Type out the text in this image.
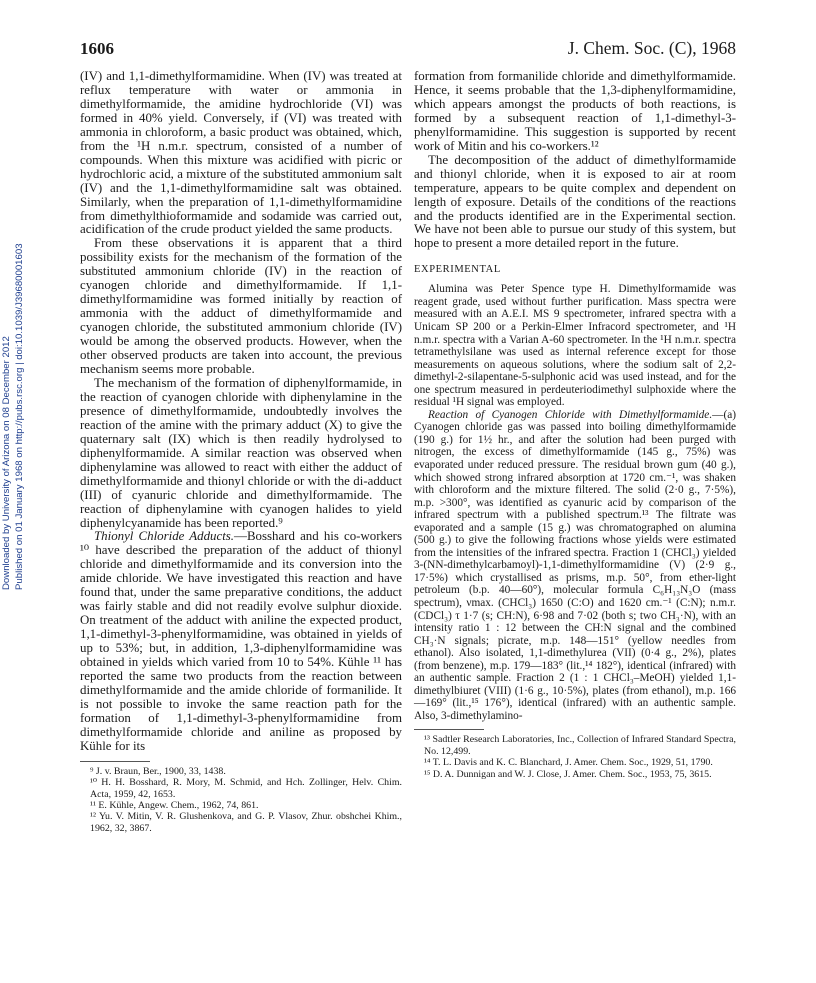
Downloaded by University of Arizona on 08 December 2012 Published on 01 January 1968 on http://pubs.rsc.org | doi:10.1039/J39680001603
1606	J. Chem. Soc. (C), 1968

(IV) and 1,1-dimethylformamidine. When (IV) was treated at reflux temperature with water or ammonia in dimethylformamide, the amidine hydrochloride (VI) was formed in 40% yield. Conversely, if (VI) was treated with ammonia in chloroform, a basic product was obtained, which, from the ¹H n.m.r. spectrum, consisted of a number of compounds. When this mixture was acidified with picric or hydrochloric acid, a mixture of the substituted ammonium salt (IV) and the 1,1-dimethylformamidine salt was obtained. Similarly, when the preparation of 1,1-dimethylformamidine from dimethylthioformamide and sodamide was carried out, acidification of the crude product yielded the same products.

From these observations it is apparent that a third possibility exists for the mechanism of the formation of the substituted ammonium chloride (IV) in the reaction of cyanogen chloride and dimethylformamide. If 1,1-dimethylformamidine was formed initially by reaction of ammonia with the adduct of dimethylformamide and cyanogen chloride, the substituted ammonium chloride (IV) would be among the observed products. However, when the other observed products are taken into account, the previous mechanism seems more probable.

The mechanism of the formation of diphenylformamide, in the reaction of cyanogen chloride with diphenylamine in the presence of dimethylformamide, undoubtedly involves the reaction of the amine with the primary adduct (X) to give the quaternary salt (IX) which is then readily hydrolysed to diphenylformamide. A similar reaction was observed when diphenylamine was allowed to react with either the adduct of dimethylformamide and thionyl chloride or with the di-adduct (III) of cyanuric chloride and dimethylformamide. The reaction of diphenylamine with cyanogen halides to yield diphenylcyanamide has been reported.⁹

Thionyl Chloride Adducts.—Bosshard and his co-workers ¹⁰ have described the preparation of the adduct of thionyl chloride and dimethylformamide and its conversion into the amide chloride. We have investigated this reaction and have found that, under the same preparative conditions, the adduct was fairly stable and did not readily evolve sulphur dioxide. On treatment of the adduct with aniline the expected product, 1,1-dimethyl-3-phenylformamidine, was obtained in yields of up to 53%; but, in addition, 1,3-diphenylformamidine was obtained in yields which varied from 10 to 54%. Kühle ¹¹ has reported the same two products from the reaction between dimethylformamide and the amide chloride of formanilide. It is not possible to invoke the same reaction path for the formation of 1,1-dimethyl-3-phenylformamidine from dimethylformamide chloride and aniline as proposed by Kühle for its

⁹ J. v. Braun, Ber., 1900, 33, 1438.

¹⁰ H. H. Bosshard, R. Mory, M. Schmid, and Hch. Zollinger, Helv. Chim. Acta, 1959, 42, 1653.

¹¹ E. Kühle, Angew. Chem., 1962, 74, 861.

¹² Yu. V. Mitin, V. R. Glushenkova, and G. P. Vlasov, Zhur. obshchei Khim., 1962, 32, 3867.

formation from formanilide chloride and dimethylformamide. Hence, it seems probable that the 1,3-diphenylformamidine, which appears amongst the products of both reactions, is formed by a subsequent reaction of 1,1-dimethyl-3-phenylformamidine. This suggestion is supported by recent work of Mitin and his co-workers.¹²

The decomposition of the adduct of dimethylformamide and thionyl chloride, when it is exposed to air at room temperature, appears to be quite complex and dependent on length of exposure. Details of the conditions of the reactions and the products identified are in the Experimental section. We have not been able to pursue our study of this system, but hope to present a more detailed report in the future.

EXPERIMENTAL

Alumina was Peter Spence type H. Dimethylformamide was reagent grade, used without further purification. Mass spectra were measured with an A.E.I. MS 9 spectrometer, infrared spectra with a Unicam SP 200 or a Perkin-Elmer Infracord spectrometer, and ¹H n.m.r. spectra with a Varian A-60 spectrometer. In the ¹H n.m.r. spectra tetramethylsilane was used as internal reference except for those measurements on aqueous solutions, where the sodium salt of 2,2-dimethyl-2-silapentane-5-sulphonic acid was used instead, and for the one spectrum measured in perdeuteriodimethyl sulphoxide where the residual ¹H signal was employed.

Reaction of Cyanogen Chloride with Dimethylformamide.—(a) Cyanogen chloride gas was passed into boiling dimethylformamide (190 g.) for 1½ hr., and after the solution had been purged with nitrogen, the excess of dimethylformamide (145 g., 75%) was evaporated under reduced pressure. The residual brown gum (40 g.), which showed strong infrared absorption at 1720 cm.⁻¹, was shaken with chloroform and the mixture filtered. The solid (2·0 g., 7·5%), m.p. >300°, was identified as cyanuric acid by comparison of the infrared spectrum with a published spectrum.¹³ The filtrate was evaporated and a sample (15 g.) was chromatographed on alumina (500 g.) to give the following fractions whose yields were estimated from the intensities of the infrared spectra. Fraction 1 (CHCl₃) yielded 3-(NN-dimethylcarbamoyl)-1,1-dimethylformamidine (V) (2·9 g., 17·5%) which crystallised as prisms, m.p. 50°, from ether-light petroleum (b.p. 40—60°), molecular formula C₆H₁₃N₃O (mass spectrum), νmax. (CHCl₃) 1650 (C:O) and 1620 cm.⁻¹ (C:N); n.m.r. (CDCl₃) τ 1·7 (s; CH:N), 6·98 and 7·02 (both s; two CH₃·N), with an intensity ratio 1 : 12 between the CH:N signal and the combined CH₃·N signals; picrate, m.p. 148—151° (yellow needles from ethanol). Also isolated, 1,1-dimethylurea (VII) (0·4 g., 2%), plates (from benzene), m.p. 179—183° (lit.,¹⁴ 182°), identical (infrared) with an authentic sample. Fraction 2 (1 : 1 CHCl₃–MeOH) yielded 1,1-dimethylbiuret (VIII) (1·6 g., 10·5%), plates (from ethanol), m.p. 166—169° (lit.,¹⁵ 176°), identical (infrared) with an authentic sample. Also, 3-dimethylamino-

¹³ Sadtler Research Laboratories, Inc., Collection of Infrared Standard Spectra, No. 12,499.

¹⁴ T. L. Davis and K. C. Blanchard, J. Amer. Chem. Soc., 1929, 51, 1790.

¹⁵ D. A. Dunnigan and W. J. Close, J. Amer. Chem. Soc., 1953, 75, 3615.
